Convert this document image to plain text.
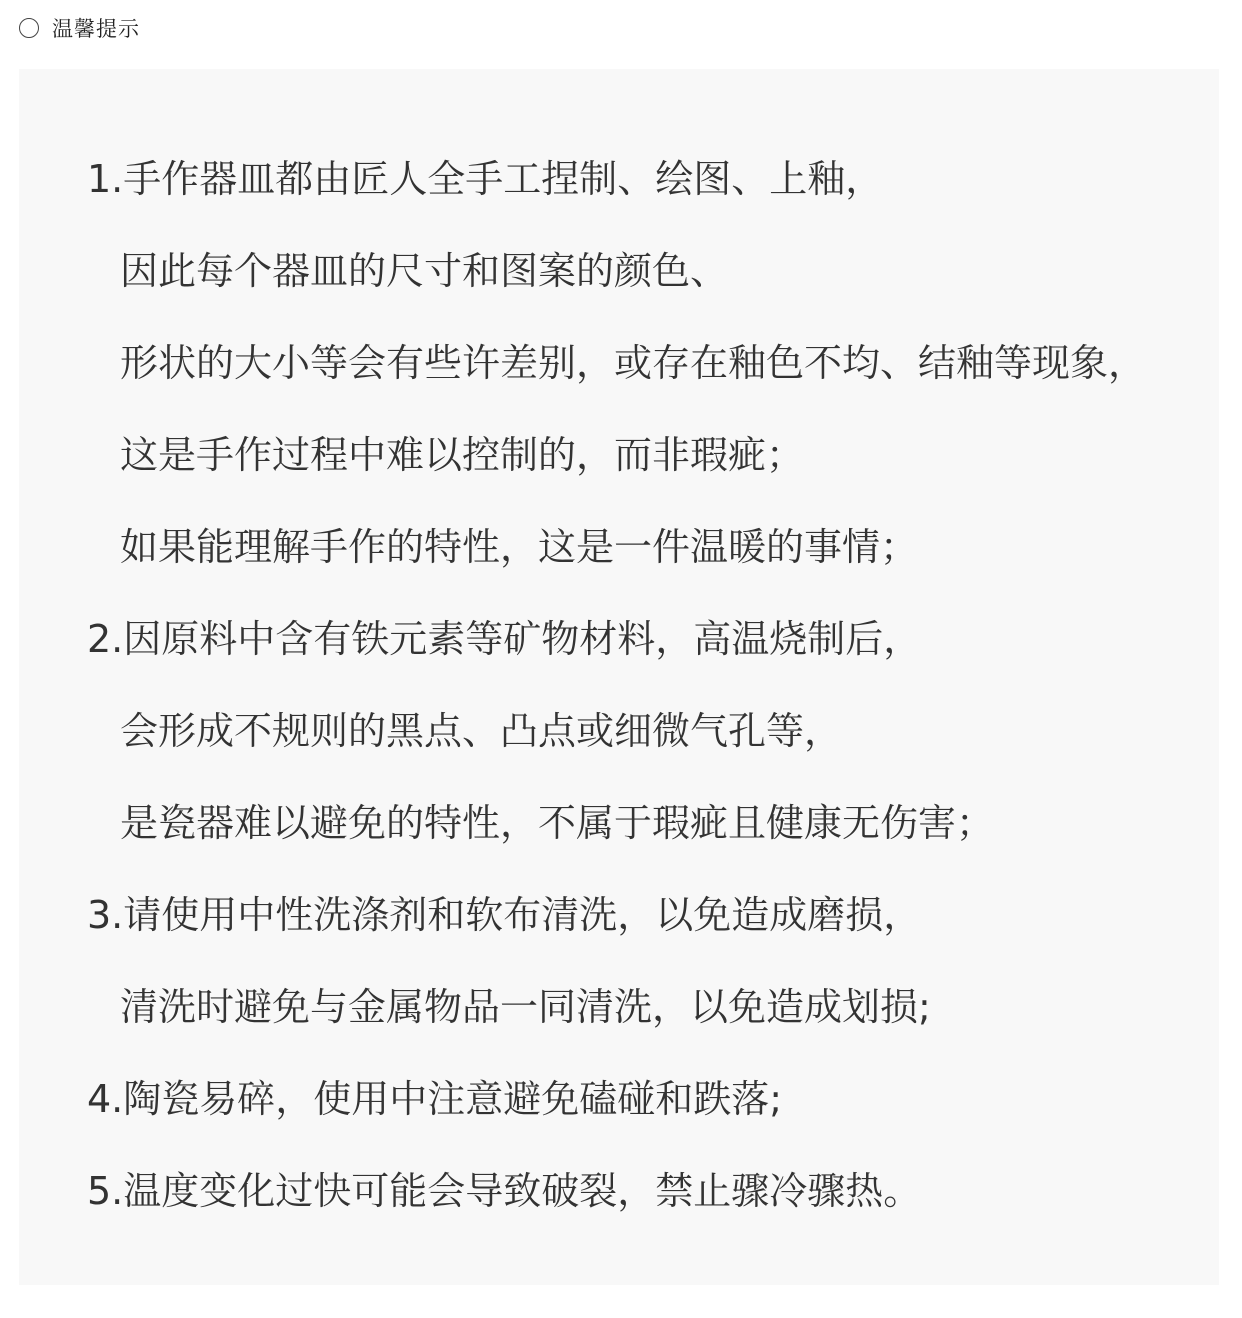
温馨提示
1.手作器皿都由匠人全手工捏制、绘图、上釉，
因此每个器皿的尺寸和图案的颜色、
形状的大小等会有些许差别，或存在釉色不均、结釉等现象，
这是手作过程中难以控制的，而非瑕疵；
如果能理解手作的特性，这是一件温暖的事情；
2.因原料中含有铁元素等矿物材料，高温烧制后，
会形成不规则的黑点、凸点或细微气孔等，
是瓷器难以避免的特性，不属于瑕疵且健康无伤害；
3.请使用中性洗涤剂和软布清洗，以免造成磨损，
清洗时避免与金属物品一同清洗，以免造成划损;
4.陶瓷易碎，使用中注意避免磕碰和跌落;
5.温度变化过快可能会导致破裂，禁止骤冷骤热。
